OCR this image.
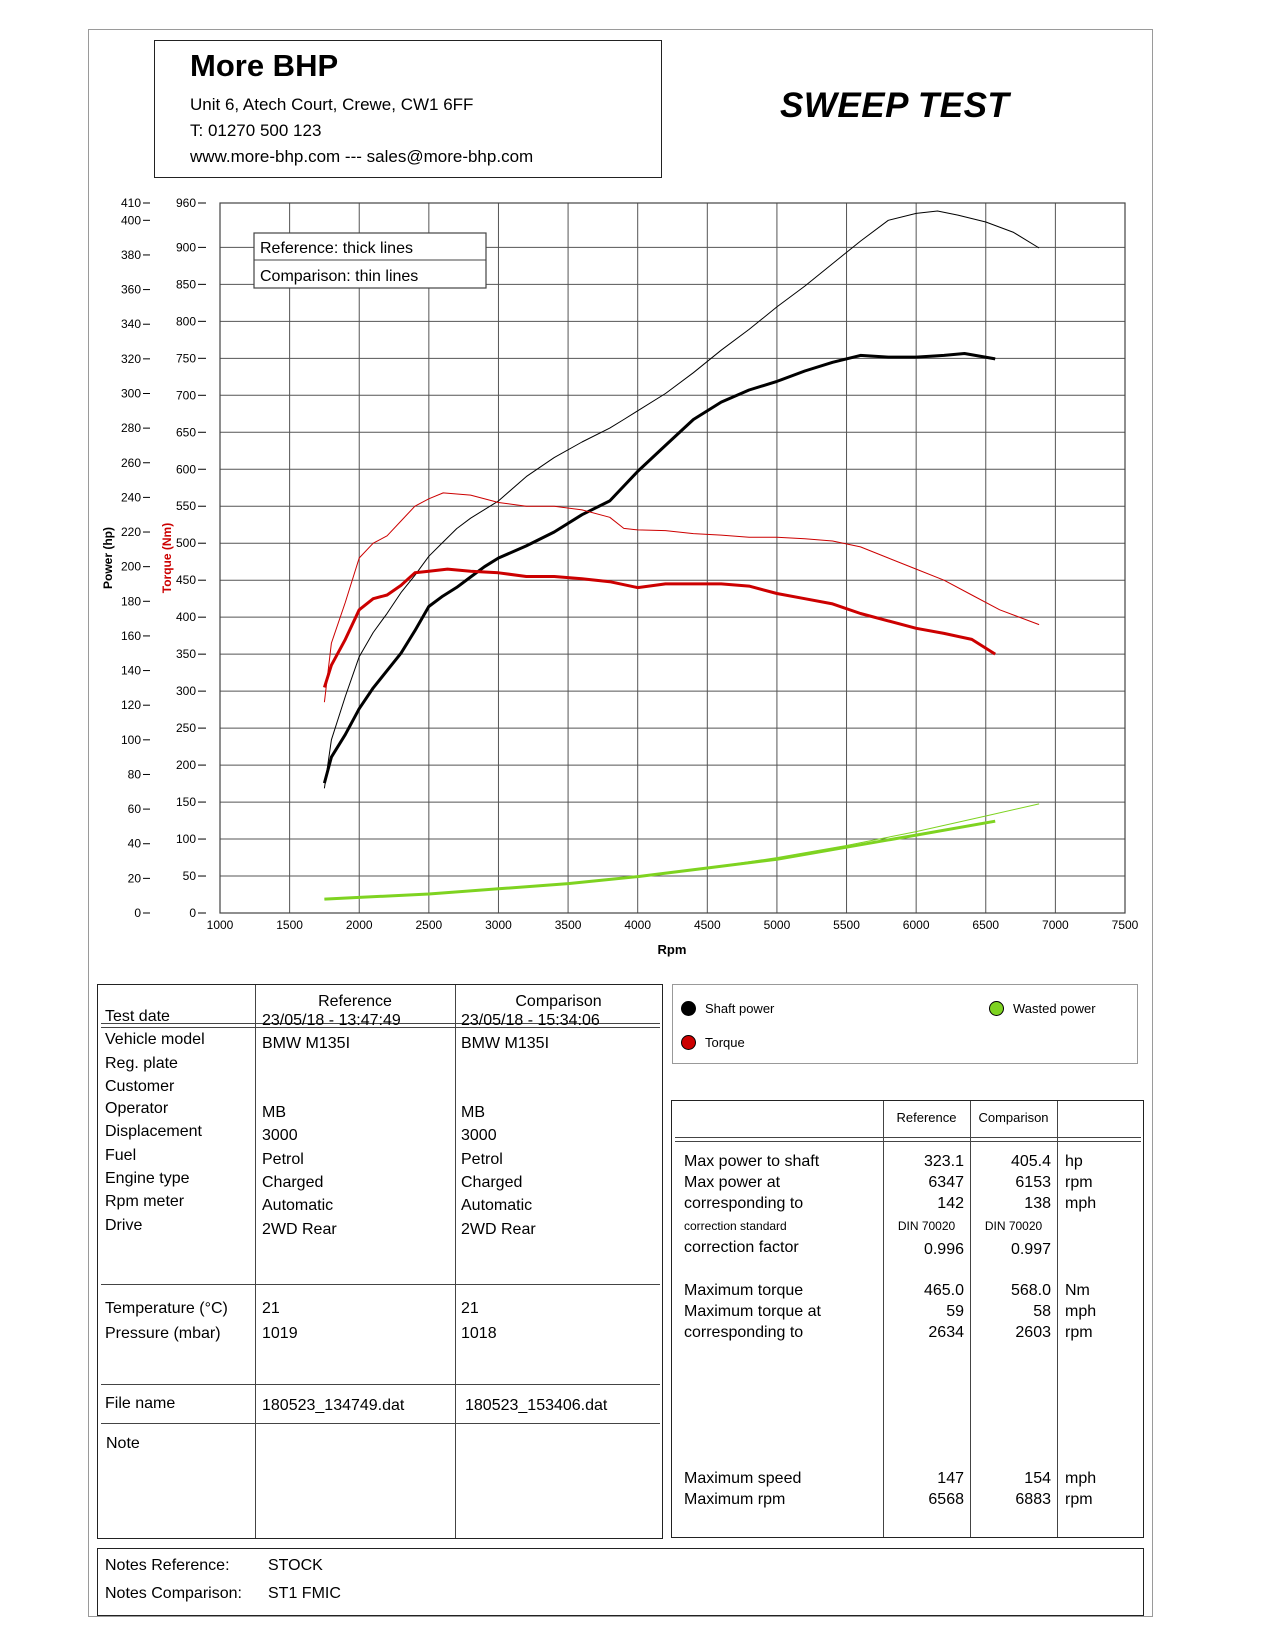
More BHP
Unit 6, Atech Court, Crewe, CW1 6FF
T: 01270 500 123
www.more-bhp.com --- sales@more-bhp.com
SWEEP TEST
1000	1500	2000	2500	3000	3500	4000	4500	5000	5500	6000	6500	7000	7500
0
50
100
150
200
250
300
350
400
450
500
550
600
650
700
750
800
850
900
960
0
20
40
60
80
100
120
140
160
180
200
220
240
260
280
300
320
340
360
380
400
410
Reference: thick lines
Comparison: thin lines
Rpm
Power (hp)	Torque (Nm)
Reference	Comparison
Test date	23/05/18 - 13:47:49	23/05/18 - 15:34:06
Vehicle model	BMW M135I	BMW M135I
Reg. plate
Customer
Operator	MB	MB
Displacement	3000	3000
Fuel	Petrol	Petrol
Engine type	Charged	Charged
Rpm meter	Automatic	Automatic
Drive	2WD Rear	2WD Rear
Temperature (°C) 21	21
Pressure (mbar)	1019	1018
File name	180523_134749.dat	180523_153406.dat
Note
Shaft power
Torque
Wasted power
Reference	Comparison
Max power to shaft	323.1	405.4 hp
Max power at	6347	6153 rpm
corresponding to	142	138 mph
correction standard	DIN 70020	DIN 70020
correction factor	0.996	0.997
Maximum torque	465.0	568.0 Nm
Maximum torque at	59	58 mph
corresponding to	2634	2603 rpm
Maximum speed	147	154 mph
Maximum rpm	6568	6883 rpm
Notes Reference: STOCK
Notes Comparison: ST1 FMIC
